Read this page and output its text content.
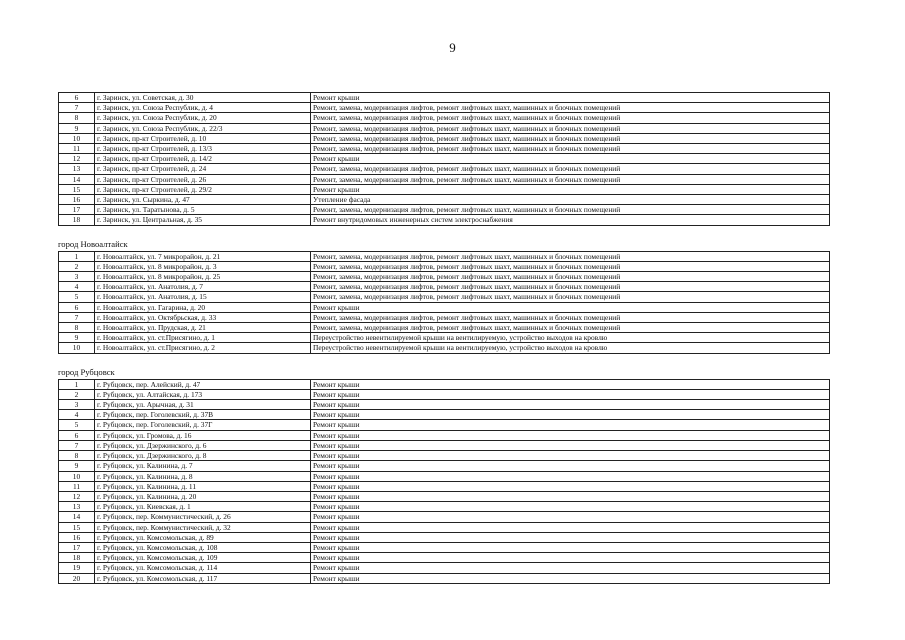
9
6	г. Заринск, ул. Советская, д. 30	Ремонт крыши
7	г. Заринск, ул. Союза Республик, д. 4	Ремонт, замена, модернизация лифтов, ремонт лифтовых шахт, машинных и блочных помещений
8	г. Заринск, ул. Союза Республик, д. 20	Ремонт, замена, модернизация лифтов, ремонт лифтовых шахт, машинных и блочных помещений
9	г. Заринск, ул. Союза Республик, д. 22/3	Ремонт, замена, модернизация лифтов, ремонт лифтовых шахт, машинных и блочных помещений
10	г. Заринск, пр-кт Строителей, д. 10	Ремонт, замена, модернизация лифтов, ремонт лифтовых шахт, машинных и блочных помещений
11	г. Заринск, пр-кт Строителей, д. 13/3	Ремонт, замена, модернизация лифтов, ремонт лифтовых шахт, машинных и блочных помещений
12	г. Заринск, пр-кт Строителей, д. 14/2	Ремонт крыши
13	г. Заринск, пр-кт Строителей, д. 24	Ремонт, замена, модернизация лифтов, ремонт лифтовых шахт, машинных и блочных помещений
14	г. Заринск, пр-кт Строителей, д. 26	Ремонт, замена, модернизация лифтов, ремонт лифтовых шахт, машинных и блочных помещений
15	г. Заринск, пр-кт Строителей, д. 29/2	Ремонт крыши
16	г. Заринск, ул. Сыркина, д. 47	Утепление фасада
17	г. Заринск, ул. Таратынова, д. 5	Ремонт, замена, модернизация лифтов, ремонт лифтовых шахт, машинных и блочных помещений
18	г. Заринск, ул. Центральная, д. 35	Ремонт внутридомовых инженерных систем электроснабжения
город Новоалтайск
1	г. Новоалтайск, ул. 7 микрорайон, д. 21	Ремонт, замена, модернизация лифтов, ремонт лифтовых шахт, машинных и блочных помещений
2	г. Новоалтайск, ул. 8 микрорайон, д. 3	Ремонт, замена, модернизация лифтов, ремонт лифтовых шахт, машинных и блочных помещений
3	г. Новоалтайск, ул. 8 микрорайон, д. 25	Ремонт, замена, модернизация лифтов, ремонт лифтовых шахт, машинных и блочных помещений
4	г. Новоалтайск, ул. Анатолия, д. 7	Ремонт, замена, модернизация лифтов, ремонт лифтовых шахт, машинных и блочных помещений
5	г. Новоалтайск, ул. Анатолия, д. 15	Ремонт, замена, модернизация лифтов, ремонт лифтовых шахт, машинных и блочных помещений
6	г. Новоалтайск, ул. Гагарина, д. 20	Ремонт крыши
7	г. Новоалтайск, ул. Октябрьская, д. 33	Ремонт, замена, модернизация лифтов, ремонт лифтовых шахт, машинных и блочных помещений
8	г. Новоалтайск, ул. Прудская, д. 21	Ремонт, замена, модернизация лифтов, ремонт лифтовых шахт, машинных и блочных помещений
9	г. Новоалтайск, ул. ст.Присягино, д. 1	Переустройство невентилируемой крыши на вентилируемую, устройство выходов на кровлю
10	г. Новоалтайск, ул. ст.Присягино, д. 2	Переустройство невентилируемой крыши на вентилируемую, устройство выходов на кровлю
город Рубцовск
1	г. Рубцовск, пер. Алейский, д. 47	Ремонт крыши
2	г. Рубцовск, ул. Алтайская, д. 173	Ремонт крыши
3	г. Рубцовск, ул. Арычная, д. 31	Ремонт крыши
4	г. Рубцовск, пер. Гоголевский, д. 37В	Ремонт крыши
5	г. Рубцовск, пер. Гоголевский, д. 37Г	Ремонт крыши
6	г. Рубцовск, ул. Громова, д. 16	Ремонт крыши
7	г. Рубцовск, ул. Дзержинского, д. 6	Ремонт крыши
8	г. Рубцовск, ул. Дзержинского, д. 8	Ремонт крыши
9	г. Рубцовск, ул. Калинина, д. 7	Ремонт крыши
10	г. Рубцовск, ул. Калинина, д. 8	Ремонт крыши
11	г. Рубцовск, ул. Калинина, д. 11	Ремонт крыши
12	г. Рубцовск, ул. Калинина, д. 20	Ремонт крыши
13	г. Рубцовск, ул. Киевская, д. 1	Ремонт крыши
14	г. Рубцовск, пер. Коммунистический, д. 26	Ремонт крыши
15	г. Рубцовск, пер. Коммунистический, д. 32	Ремонт крыши
16	г. Рубцовск, ул. Комсомольская, д. 89	Ремонт крыши
17	г. Рубцовск, ул. Комсомольская, д. 108	Ремонт крыши
18	г. Рубцовск, ул. Комсомольская, д. 109	Ремонт крыши
19	г. Рубцовск, ул. Комсомольская, д. 114	Ремонт крыши
20	г. Рубцовск, ул. Комсомольская, д. 117	Ремонт крыши
